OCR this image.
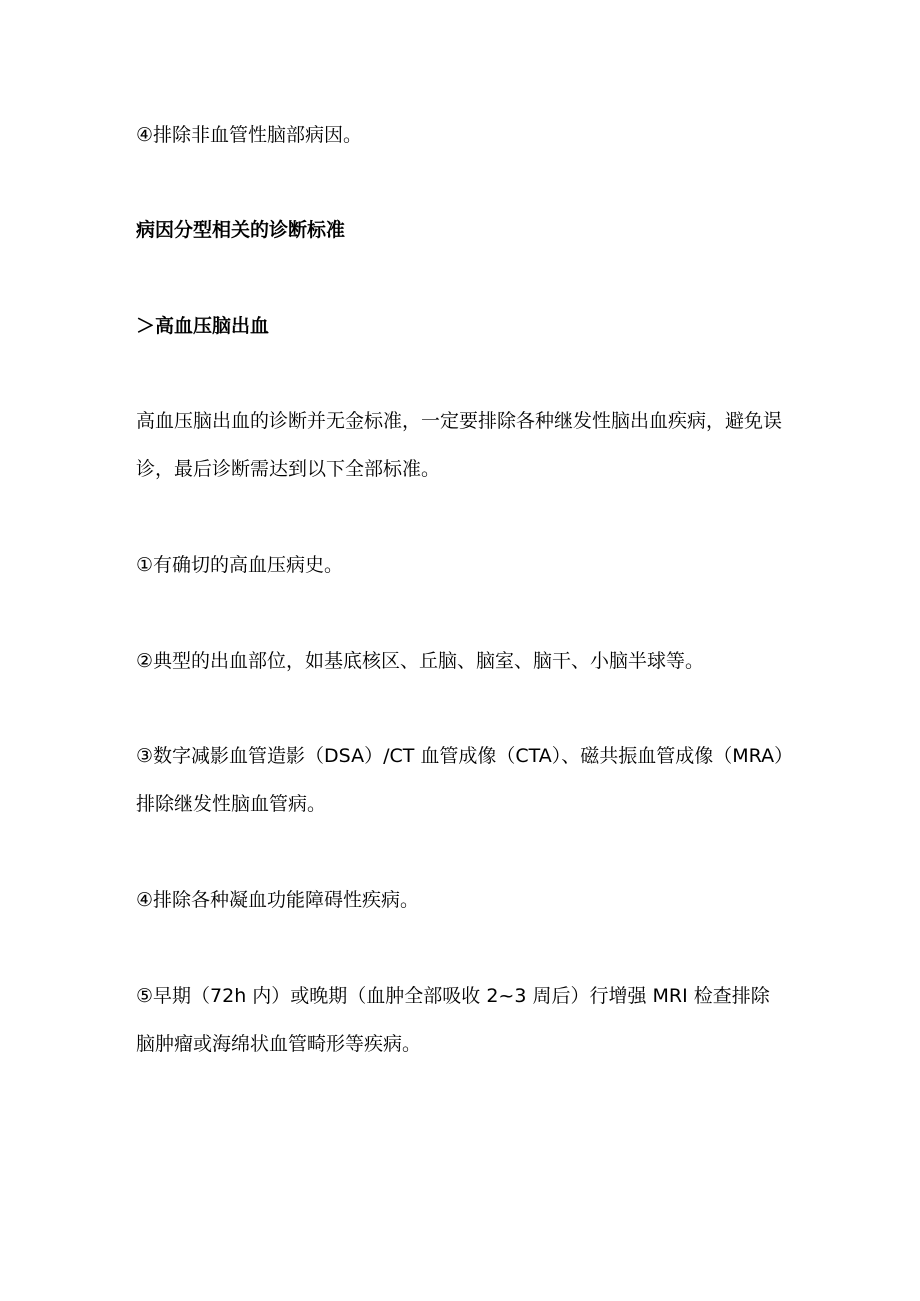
④排除非血管性脑部病因。

病因分型相关的诊断标准

＞高血压脑出血

高血压脑出血的诊断并无金标准，一定要排除各种继发性脑出血疾病，避免误诊，最后诊断需达到以下全部标准。

①有确切的高血压病史。

②典型的出血部位，如基底核区、丘脑、脑室、脑干、小脑半球等。

③数字减影血管造影（DSA）/CT 血管成像（CTA）、磁共振血管成像（MRA）排除继发性脑血管病。

④排除各种凝血功能障碍性疾病。

⑤早期（72h 内）或晚期（血肿全部吸收 2~3 周后）行增强 MRI 检查排除脑肿瘤或海绵状血管畸形等疾病。
